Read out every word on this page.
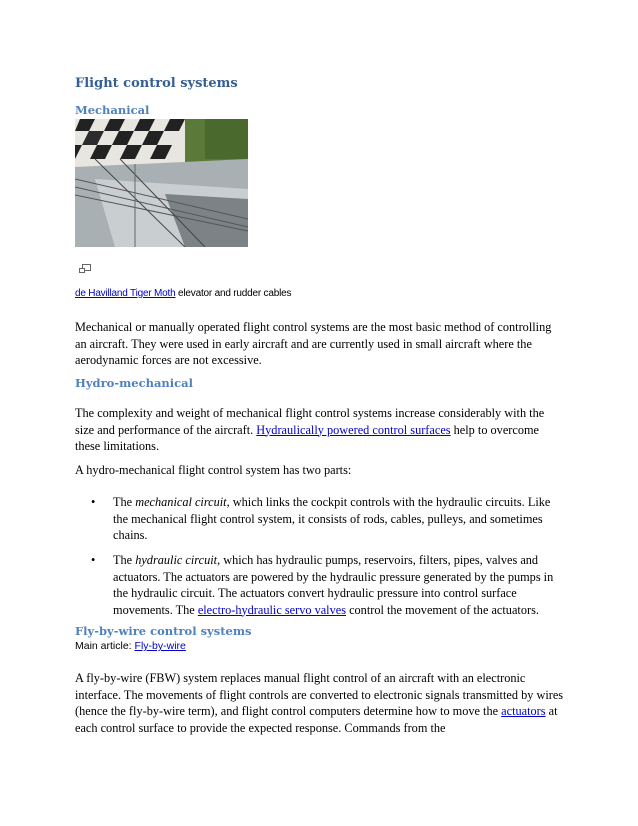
Flight control systems
Mechanical
de Havilland Tiger Moth elevator and rudder cables

Mechanical or manually operated flight control systems are the most basic method of controlling an aircraft. They were used in early aircraft and are currently used in small aircraft where the aerodynamic forces are not excessive.

Hydro-mechanical

The complexity and weight of mechanical flight control systems increase considerably with the size and performance of the aircraft. Hydraulically powered control surfaces help to overcome these limitations.

A hydro-mechanical flight control system has two parts:

•	The mechanical circuit, which links the cockpit controls with the hydraulic circuits. Like the mechanical flight control system, it consists of rods, cables, pulleys, and sometimes chains.
•	The hydraulic circuit, which has hydraulic pumps, reservoirs, filters, pipes, valves and actuators. The actuators are powered by the hydraulic pressure generated by the pumps in the hydraulic circuit. The actuators convert hydraulic pressure into control surface movements. The electro-hydraulic servo valves control the movement of the actuators.
Fly-by-wire control systems
Main article: Fly-by-wire

A fly-by-wire (FBW) system replaces manual flight control of an aircraft with an electronic interface. The movements of flight controls are converted to electronic signals transmitted by wires (hence the fly-by-wire term), and flight control computers determine how to move the actuators at each control surface to provide the expected response. Commands from the
